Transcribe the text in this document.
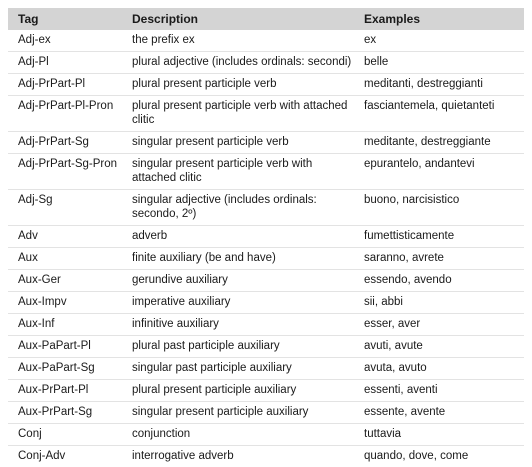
Tag	Description	Examples
Adj-ex	the prefix ex	ex
Adj-Pl	plural adjective (includes ordinals: secondi)	belle
Adj-PrPart-Pl	plural present participle verb	meditanti, destreggianti
Adj-PrPart-Pl-Pron	plural present participle verb with attached clitic	fasciantemela, quietanteti
Adj-PrPart-Sg	singular present participle verb	meditante, destreggiante
Adj-PrPart-Sg-Pron	singular present participle verb with attached clitic	epurantelo, andantevi
Adj-Sg	singular adjective (includes ordinals: secondo, 2º)	buono, narcisistico
Adv	adverb	fumettisticamente
Aux	finite auxiliary (be and have)	saranno, avrete
Aux-Ger	gerundive auxiliary	essendo, avendo
Aux-Impv	imperative auxiliary	sii, abbi
Aux-Inf	infinitive auxiliary	esser, aver
Aux-PaPart-Pl	plural past participle auxiliary	avuti, avute
Aux-PaPart-Sg	singular past participle auxiliary	avuta, avuto
Aux-PrPart-Pl	plural present participle auxiliary	essenti, aventi
Aux-PrPart-Sg	singular present participle auxiliary	essente, avente
Conj	conjunction	tuttavia
Conj-Adv	interrogative adverb	quando, dove, come
